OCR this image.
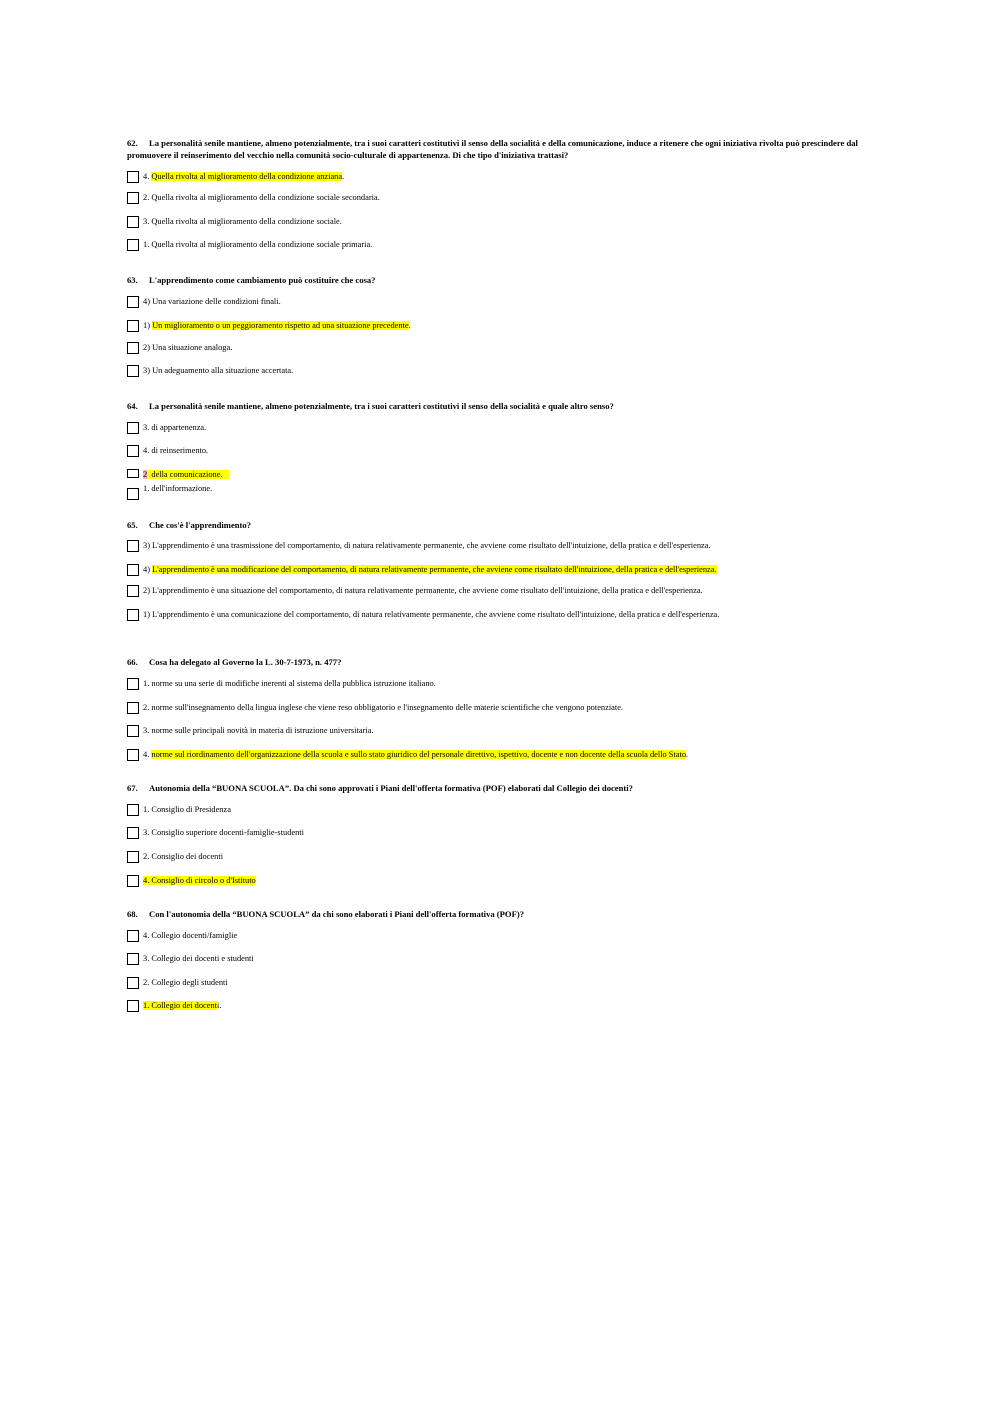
62. La personalità senile mantiene, almeno potenzialmente, tra i suoi caratteri costitutivi il senso della socialità e della comunicazione, induce a ritenere che ogni iniziativa rivolta può prescindere dal promuovere il reinserimento del vecchio nella comunità socio-culturale di appartenenza. Di che tipo d'iniziativa trattasi?

4. Quella rivolta al miglioramento della condizione anziana.
2. Quella rivolta al miglioramento della condizione sociale secondaria.
3. Quella rivolta al miglioramento della condizione sociale.
1. Quella rivolta al miglioramento della condizione sociale primaria.

63. L'apprendimento come cambiamento può costituire che cosa?

4) Una variazione delle condizioni finali.
1) Un miglioramento o un peggioramento rispetto ad una situazione precedente.
2) Una situazione analoga.
3) Un adeguamento alla situazione accertata.

64. La personalità senile mantiene, almeno potenzialmente, tra i suoi caratteri costitutivi il senso della socialità e quale altro senso?

3. di appartenenza.
4. di reinserimento.
2  della comunicazione.
1. dell'informazione.

65. Che cos'è l'apprendimento?

3) L'apprendimento è una trasmissione del comportamento, di natura relativamente permanente, che avviene come risultato dell'intuizione, della pratica e dell'esperienza.
4) L'apprendimento è una modificazione del comportamento, di natura relativamente permanente, che avviene come risultato dell'intuizione, della pratica e dell'esperienza.
2) L'apprendimento è una situazione del comportamento, di natura relativamente permanente, che avviene come risultato dell'intuizione, della pratica e dell'esperienza.
1) L'apprendimento è una comunicazione del comportamento, di natura relativamente permanente, che avviene come risultato dell'intuizione, della pratica e dell'esperienza.

66. Cosa ha delegato al Governo la L. 30-7-1973, n. 477?

1. norme su una serie di modifiche inerenti al sistema della pubblica istruzione italiano.
2. norme sull'insegnamento della lingua inglese che viene reso obbligatorio e l'insegnamento delle materie scientifiche che vengono potenziate.
3. norme sulle principali novità in materia di istruzione universitaria.
4. norme sul riordinamento dell'organizzazione della scuola e sullo stato giuridico del personale direttivo, ispettivo, docente e non docente della scuola dello Stato.

67. Autonomia della “BUONA SCUOLA”. Da chi sono approvati i Piani dell'offerta formativa (POF) elaborati dal Collegio dei docenti?

1. Consiglio di Presidenza
3. Consiglio superiore docenti-famiglie-studenti
2. Consiglio dei docenti
4. Consiglio di circolo o d'Istituto

68. Con l'autonomia della “BUONA SCUOLA” da chi sono elaborati i Piani dell'offerta formativa (POF)?

4. Collegio docenti/famiglie
3. Collegio dei docenti e studenti
2. Collegio degli studenti
1. Collegio dei docenti.
